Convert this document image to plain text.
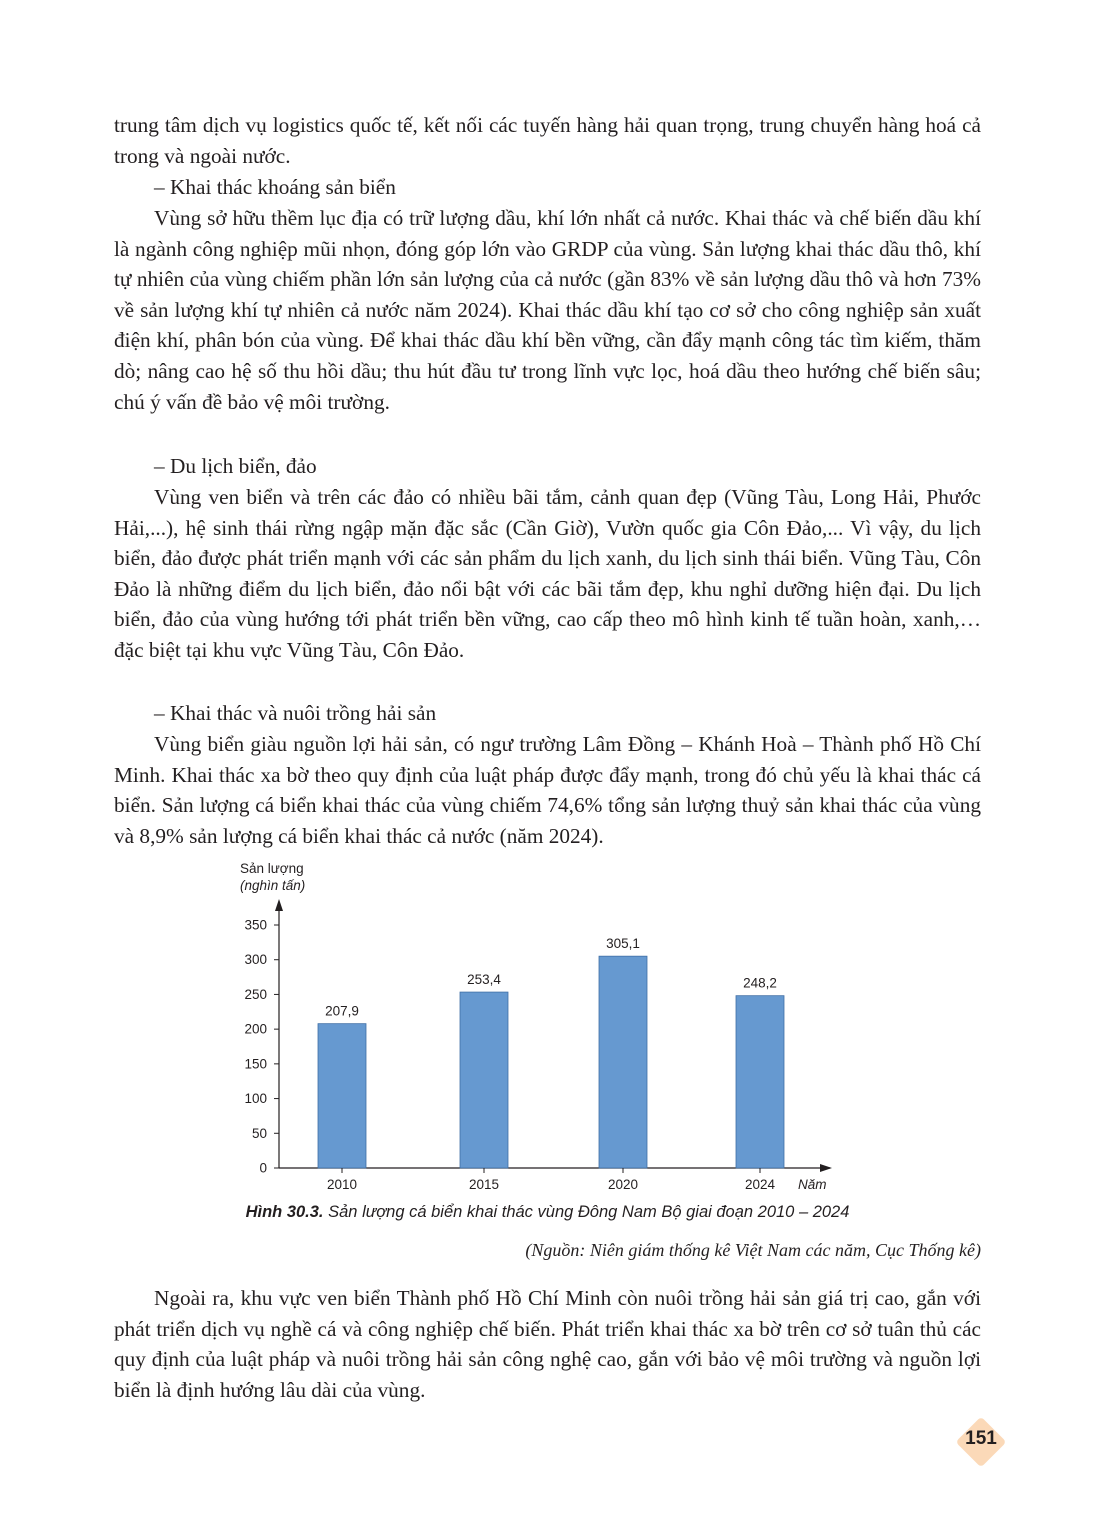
trung tâm dịch vụ logistics quốc tế, kết nối các tuyến hàng hải quan trọng, trung chuyển hàng hoá cả trong và ngoài nước.

– Khai thác khoáng sản biển

Vùng sở hữu thềm lục địa có trữ lượng dầu, khí lớn nhất cả nước. Khai thác và chế biến dầu khí là ngành công nghiệp mũi nhọn, đóng góp lớn vào GRDP của vùng. Sản lượng khai thác dầu thô, khí tự nhiên của vùng chiếm phần lớn sản lượng của cả nước (gần 83% về sản lượng dầu thô và hơn 73% về sản lượng khí tự nhiên cả nước năm 2024). Khai thác dầu khí tạo cơ sở cho công nghiệp sản xuất điện khí, phân bón của vùng. Để khai thác dầu khí bền vững, cần đẩy mạnh công tác tìm kiếm, thăm dò; nâng cao hệ số thu hồi dầu; thu hút đầu tư trong lĩnh vực lọc, hoá dầu theo hướng chế biến sâu; chú ý vấn đề bảo vệ môi trường.

– Du lịch biển, đảo

Vùng ven biển và trên các đảo có nhiều bãi tắm, cảnh quan đẹp (Vũng Tàu, Long Hải, Phước Hải,...), hệ sinh thái rừng ngập mặn đặc sắc (Cần Giờ), Vườn quốc gia Côn Đảo,... Vì vậy, du lịch biển, đảo được phát triển mạnh với các sản phẩm du lịch xanh, du lịch sinh thái biển. Vũng Tàu, Côn Đảo là những điểm du lịch biển, đảo nổi bật với các bãi tắm đẹp, khu nghỉ dưỡng hiện đại. Du lịch biển, đảo của vùng hướng tới phát triển bền vững, cao cấp theo mô hình kinh tế tuần hoàn, xanh,… đặc biệt tại khu vực Vũng Tàu, Côn Đảo.

– Khai thác và nuôi trồng hải sản

Vùng biển giàu nguồn lợi hải sản, có ngư trường Lâm Đồng – Khánh Hoà – Thành phố Hồ Chí Minh. Khai thác xa bờ theo quy định của luật pháp được đẩy mạnh, trong đó chủ yếu là khai thác cá biển. Sản lượng cá biển khai thác của vùng chiếm 74,6% tổng sản lượng thuỷ sản khai thác của vùng và 8,9% sản lượng cá biển khai thác cả nước (năm 2024).

Sản lượng
(nghìn tấn)
0
50
100
150
200
250
300
350
207,9
253,4
305,1
248,2
2010	2015	2020	2024 Năm
Hình 30.3. Sản lượng cá biển khai thác vùng Đông Nam Bộ giai đoạn 2010 – 2024
(Nguồn: Niên giám thống kê Việt Nam các năm, Cục Thống kê)

Ngoài ra, khu vực ven biển Thành phố Hồ Chí Minh còn nuôi trồng hải sản giá trị cao, gắn với phát triển dịch vụ nghề cá và công nghiệp chế biến. Phát triển khai thác xa bờ trên cơ sở tuân thủ các quy định của luật pháp và nuôi trồng hải sản công nghệ cao, gắn với bảo vệ môi trường và nguồn lợi biển là định hướng lâu dài của vùng.

151
